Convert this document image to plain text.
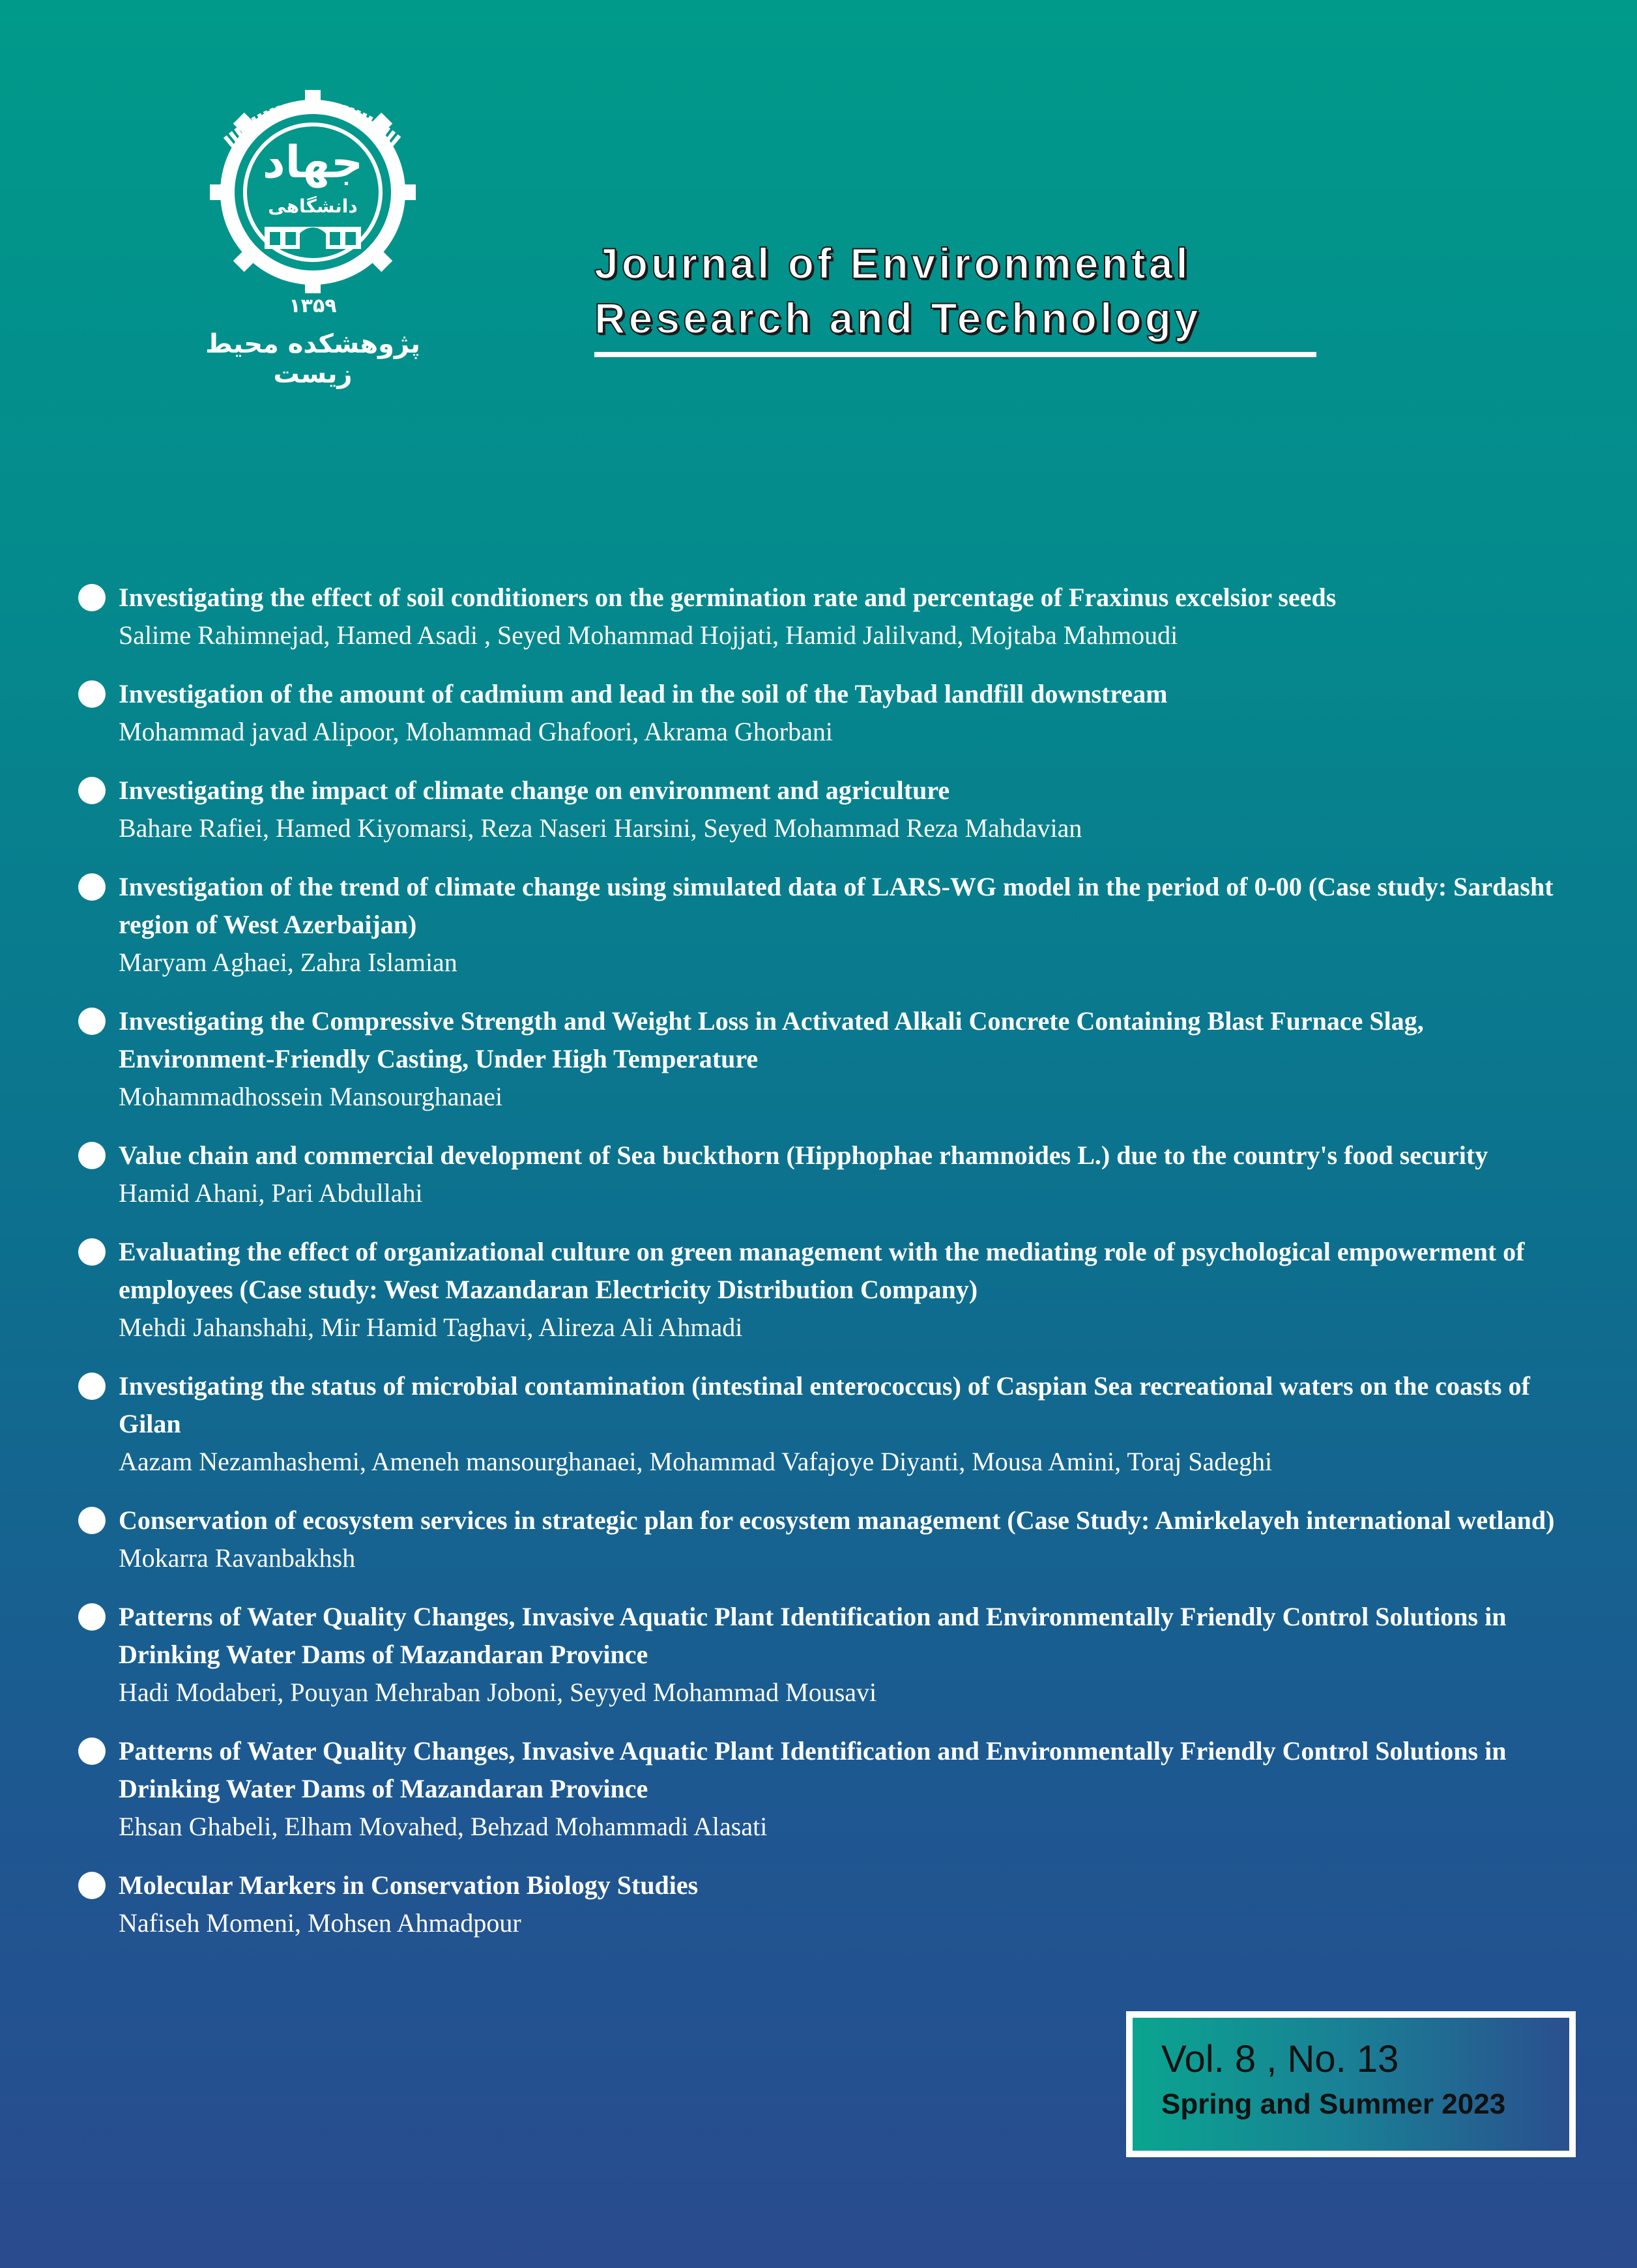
جهاد
دانشگاهی
۱۳۵۹
پژوهشکده محیط زیست
Journal of Environmental
Research and Technology
Investigating the effect of soil conditioners on the germination rate and percentage of Fraxinus excelsior seeds
Salime Rahimnejad, Hamed Asadi , Seyed Mohammad Hojjati, Hamid Jalilvand, Mojtaba Mahmoudi
Investigation of the amount of cadmium and lead in the soil of the Taybad landfill downstream
Mohammad javad Alipoor, Mohammad Ghafoori, Akrama Ghorbani
Investigating the impact of climate change on environment and agriculture
Bahare Rafiei, Hamed Kiyomarsi, Reza Naseri Harsini, Seyed Mohammad Reza Mahdavian
Investigation of the trend of climate change using simulated data of LARS-WG model in the period of 0-00 (Case study: Sardasht region of West Azerbaijan)
Maryam Aghaei, Zahra Islamian
Investigating the Compressive Strength and Weight Loss in Activated Alkali Concrete Containing Blast Furnace Slag, Environment-Friendly Casting, Under High Temperature
Mohammadhossein Mansourghanaei
Value chain and commercial development of Sea buckthorn (Hipphophae rhamnoides L.) due to the country's food security
Hamid Ahani, Pari Abdullahi
Evaluating the effect of organizational culture on green management with the mediating role of psychological empowerment of employees (Case study: West Mazandaran Electricity Distribution Company)
Mehdi Jahanshahi, Mir Hamid Taghavi, Alireza Ali Ahmadi
Investigating the status of microbial contamination (intestinal enterococcus) of Caspian Sea recreational waters on the coasts of Gilan
Aazam Nezamhashemi, Ameneh mansourghanaei, Mohammad Vafajoye Diyanti, Mousa Amini, Toraj Sadeghi
Conservation of ecosystem services in strategic plan for ecosystem management (Case Study: Amirkelayeh international wetland)
Mokarra Ravanbakhsh
Patterns of Water Quality Changes, Invasive Aquatic Plant Identification and Environmentally Friendly Control Solutions in Drinking Water Dams of Mazandaran Province
Hadi Modaberi, Pouyan Mehraban Joboni, Seyyed Mohammad Mousavi
Patterns of Water Quality Changes, Invasive Aquatic Plant Identification and Environmentally Friendly Control Solutions in Drinking Water Dams of Mazandaran Province
Ehsan Ghabeli, Elham Movahed, Behzad Mohammadi Alasati
Molecular Markers in Conservation Biology Studies
Nafiseh Momeni, Mohsen Ahmadpour
Vol. 8 , No. 13
Spring and Summer 2023
